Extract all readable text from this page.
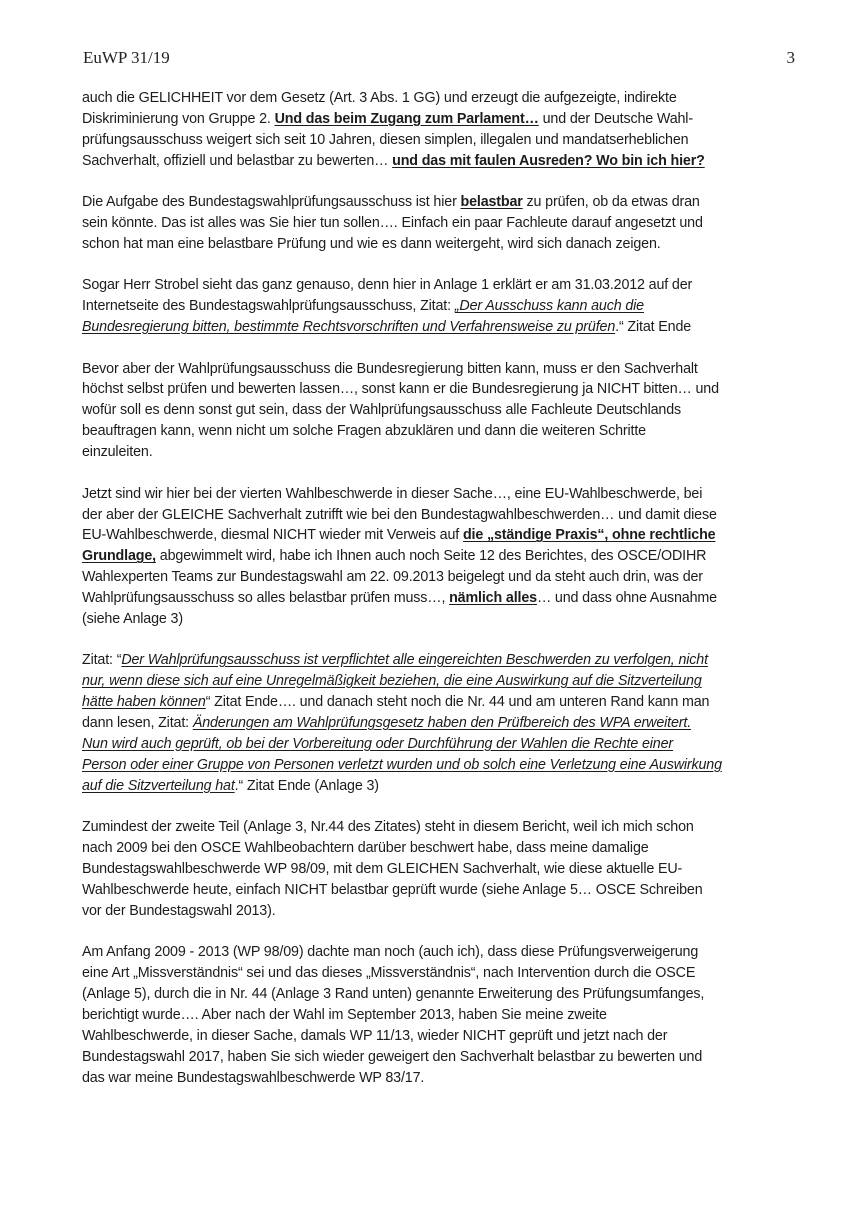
EuWP 31/19	3

auch die GELICHHEIT vor dem Gesetz (Art. 3 Abs. 1 GG) und erzeugt die aufgezeigte, indirekte
Diskriminierung von Gruppe 2. Und das beim Zugang zum Parlament… und der Deutsche Wahl-
prüfungsausschuss weigert sich seit 10 Jahren, diesen simplen, illegalen und mandatserheblichen
Sachverhalt, offiziell und belastbar zu bewerten… und das mit faulen Ausreden? Wo bin ich hier?

Die Aufgabe des Bundestagswahlprüfungsausschuss ist hier belastbar zu prüfen, ob da etwas dran
sein könnte. Das ist alles was Sie hier tun sollen…. Einfach ein paar Fachleute darauf angesetzt und
schon hat man eine belastbare Prüfung und wie es dann weitergeht, wird sich danach zeigen.

Sogar Herr Strobel sieht das ganz genauso, denn hier in Anlage 1 erklärt er am 31.03.2012 auf der
Internetseite des Bundestagswahlprüfungsausschuss, Zitat: „Der Ausschuss kann auch die
Bundesregierung bitten, bestimmte Rechtsvorschriften und Verfahrensweise zu prüfen.“ Zitat Ende

Bevor aber der Wahlprüfungsausschuss die Bundesregierung bitten kann, muss er den Sachverhalt
höchst selbst prüfen und bewerten lassen…, sonst kann er die Bundesregierung ja NICHT bitten… und
wofür soll es denn sonst gut sein, dass der Wahlprüfungsausschuss alle Fachleute Deutschlands
beauftragen kann, wenn nicht um solche Fragen abzuklären und dann die weiteren Schritte
einzuleiten.

Jetzt sind wir hier bei der vierten Wahlbeschwerde in dieser Sache…, eine EU-Wahlbeschwerde, bei
der aber der GLEICHE Sachverhalt zutrifft wie bei den Bundestagwahlbeschwerden… und damit diese
EU-Wahlbeschwerde, diesmal NICHT wieder mit Verweis auf die „ständige Praxis“, ohne rechtliche
Grundlage, abgewimmelt wird, habe ich Ihnen auch noch Seite 12 des Berichtes, des OSCE/ODIHR
Wahlexperten Teams zur Bundestagswahl am 22. 09.2013 beigelegt und da steht auch drin, was der
Wahlprüfungsausschuss so alles belastbar prüfen muss…, nämlich alles… und dass ohne Ausnahme
(siehe Anlage 3)

Zitat: “Der Wahlprüfungsausschuss ist verpflichtet alle eingereichten Beschwerden zu verfolgen, nicht
nur, wenn diese sich auf eine Unregelmäßigkeit beziehen, die eine Auswirkung auf die Sitzverteilung
hätte haben können“ Zitat Ende…. und danach steht noch die Nr. 44 und am unteren Rand kann man
dann lesen, Zitat: Änderungen am Wahlprüfungsgesetz haben den Prüfbereich des WPA erweitert.
Nun wird auch geprüft, ob bei der Vorbereitung oder Durchführung der Wahlen die Rechte einer
Person oder einer Gruppe von Personen verletzt wurden und ob solch eine Verletzung eine Auswirkung
auf die Sitzverteilung hat.“ Zitat Ende (Anlage 3)

Zumindest der zweite Teil (Anlage 3, Nr.44 des Zitates) steht in diesem Bericht, weil ich mich schon
nach 2009 bei den OSCE Wahlbeobachtern darüber beschwert habe, dass meine damalige
Bundestagswahlbeschwerde WP 98/09, mit dem GLEICHEN Sachverhalt, wie diese aktuelle EU-
Wahlbeschwerde heute, einfach NICHT belastbar geprüft wurde (siehe Anlage 5… OSCE Schreiben
vor der Bundestagswahl 2013).

Am Anfang 2009 - 2013 (WP 98/09) dachte man noch (auch ich), dass diese Prüfungsverweigerung
eine Art „Missverständnis“ sei und das dieses „Missverständnis“, nach Intervention durch die OSCE
(Anlage 5), durch die in Nr. 44 (Anlage 3 Rand unten) genannte Erweiterung des Prüfungsumfanges,
berichtigt wurde…. Aber nach der Wahl im September 2013, haben Sie meine zweite
Wahlbeschwerde, in dieser Sache, damals WP 11/13, wieder NICHT geprüft und jetzt nach der
Bundestagswahl 2017, haben Sie sich wieder geweigert den Sachverhalt belastbar zu bewerten und
das war meine Bundestagswahlbeschwerde WP 83/17.
